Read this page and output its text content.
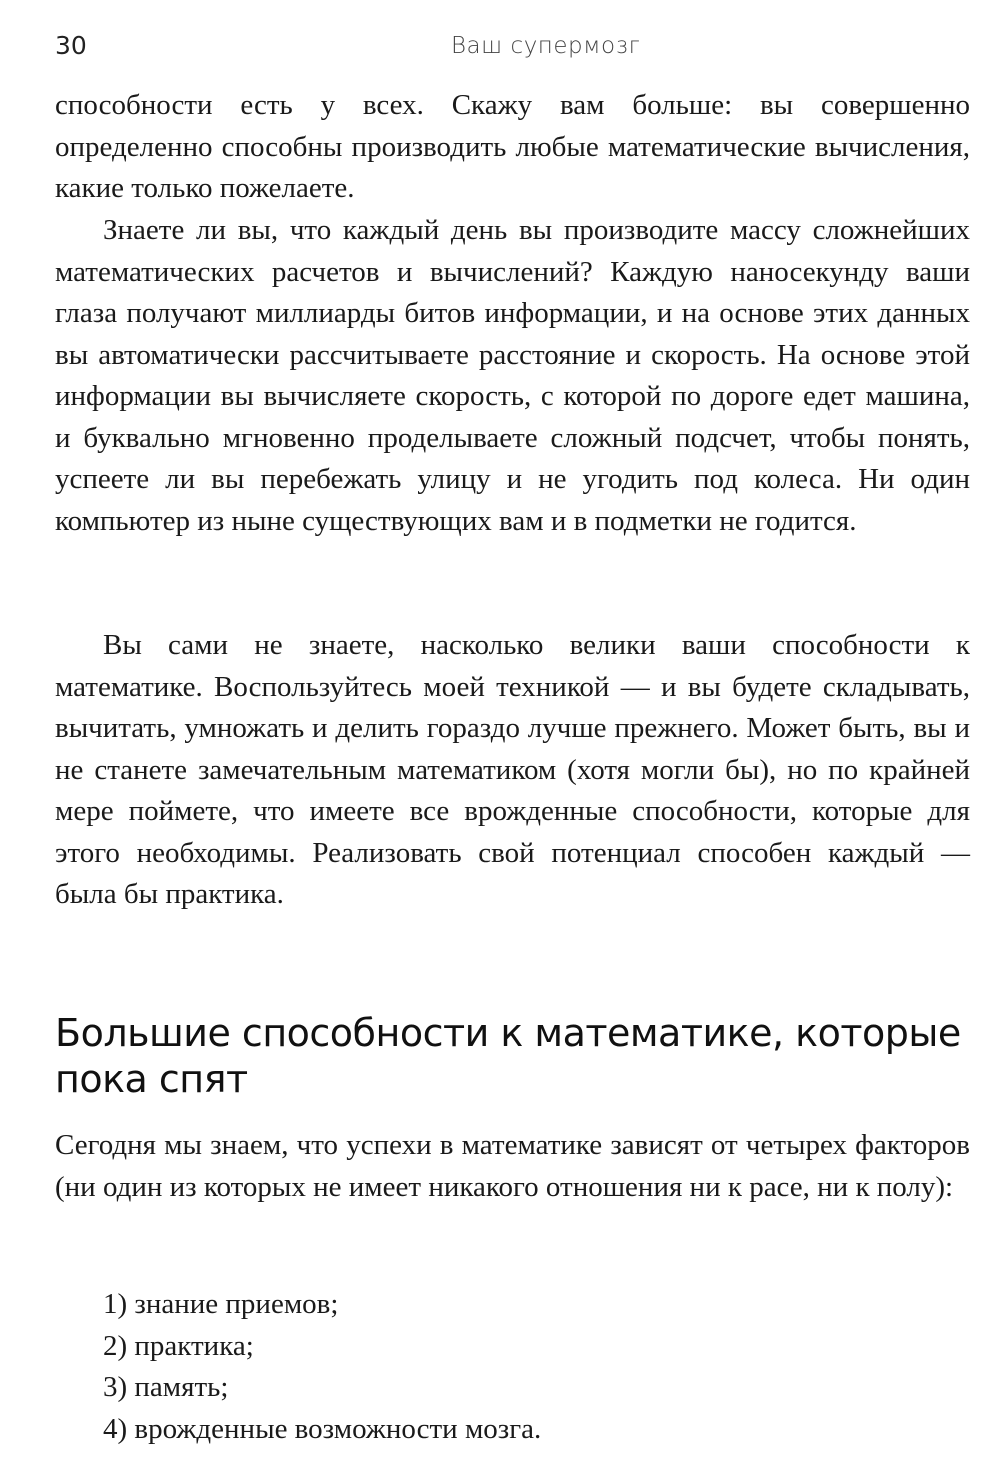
30	Ваш супермозг

способности есть у всех. Скажу вам больше: вы совершенно определенно способны производить любые математические вычисления, какие только пожелаете.

Знаете ли вы, что каждый день вы производите массу сложнейших математических расчетов и вычислений? Каждую наносекунду ваши глаза получают миллиарды битов информации, и на основе этих данных вы автоматически рассчитываете расстояние и скорость. На основе этой информации вы вычисляете скорость, с которой по дороге едет машина, и буквально мгновенно проделываете сложный подсчет, чтобы понять, успеете ли вы перебежать улицу и не угодить под колеса. Ни один компьютер из ныне существующих вам и в подметки не годится.

Вы сами не знаете, насколько велики ваши способности к математике. Воспользуйтесь моей техникой — и вы будете складывать, вычитать, умножать и делить гораздо лучше прежнего. Может быть, вы и не станете замечательным математиком (хотя могли бы), но по крайней мере поймете, что имеете все врожденные способности, которые для этого необходимы. Реализовать свой потенциал способен каждый — была бы практика.

Большие способности к математике, которые пока спят

Сегодня мы знаем, что успехи в математике зависят от четырех факторов (ни один из которых не имеет никакого отношения ни к расе, ни к полу):

1) знание приемов;
2) практика;
3) память;
4) врожденные возможности мозга.
